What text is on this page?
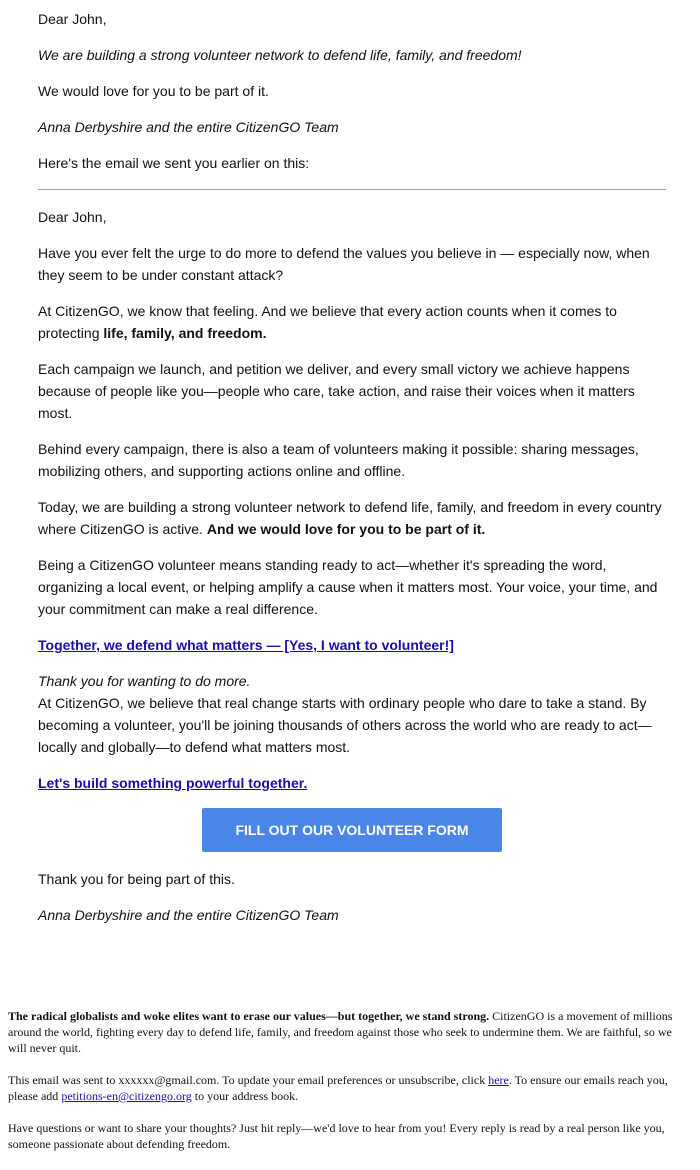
Dear John,

We are building a strong volunteer network to defend life, family, and freedom!

We would love for you to be part of it.

Anna Derbyshire and the entire CitizenGO Team

Here's the email we sent you earlier on this:

Dear John,

Have you ever felt the urge to do more to defend the values you believe in — especially now, when they seem to be under constant attack?

At CitizenGO, we know that feeling. And we believe that every action counts when it comes to protecting life, family, and freedom.

Each campaign we launch, and petition we deliver, and every small victory we achieve happens because of people like you—people who care, take action, and raise their voices when it matters most.

Behind every campaign, there is also a team of volunteers making it possible: sharing messages, mobilizing others, and supporting actions online and offline.

Today, we are building a strong volunteer network to defend life, family, and freedom in every country where CitizenGO is active. And we would love for you to be part of it.

Being a CitizenGO volunteer means standing ready to act—whether it's spreading the word, organizing a local event, or helping amplify a cause when it matters most. Your voice, your time, and your commitment can make a real difference.

Together, we defend what matters — [Yes, I want to volunteer!]

Thank you for wanting to do more.
At CitizenGO, we believe that real change starts with ordinary people who dare to take a stand. By becoming a volunteer, you'll be joining thousands of others across the world who are ready to act—locally and globally—to defend what matters most.

Let's build something powerful together.

FILL OUT OUR VOLUNTEER FORM

Thank you for being part of this.

Anna Derbyshire and the entire CitizenGO Team

The radical globalists and woke elites want to erase our values—but together, we stand strong. CitizenGO is a movement of millions around the world, fighting every day to defend life, family, and freedom against those who seek to undermine them. We are faithful, so we will never quit.

This email was sent to xxxxxx@gmail.com. To update your email preferences or unsubscribe, click here. To ensure our emails reach you, please add petitions-en@citizengo.org to your address book.

Have questions or want to share your thoughts? Just hit reply—we'd love to hear from you! Every reply is read by a real person like you, someone passionate about defending freedom.
